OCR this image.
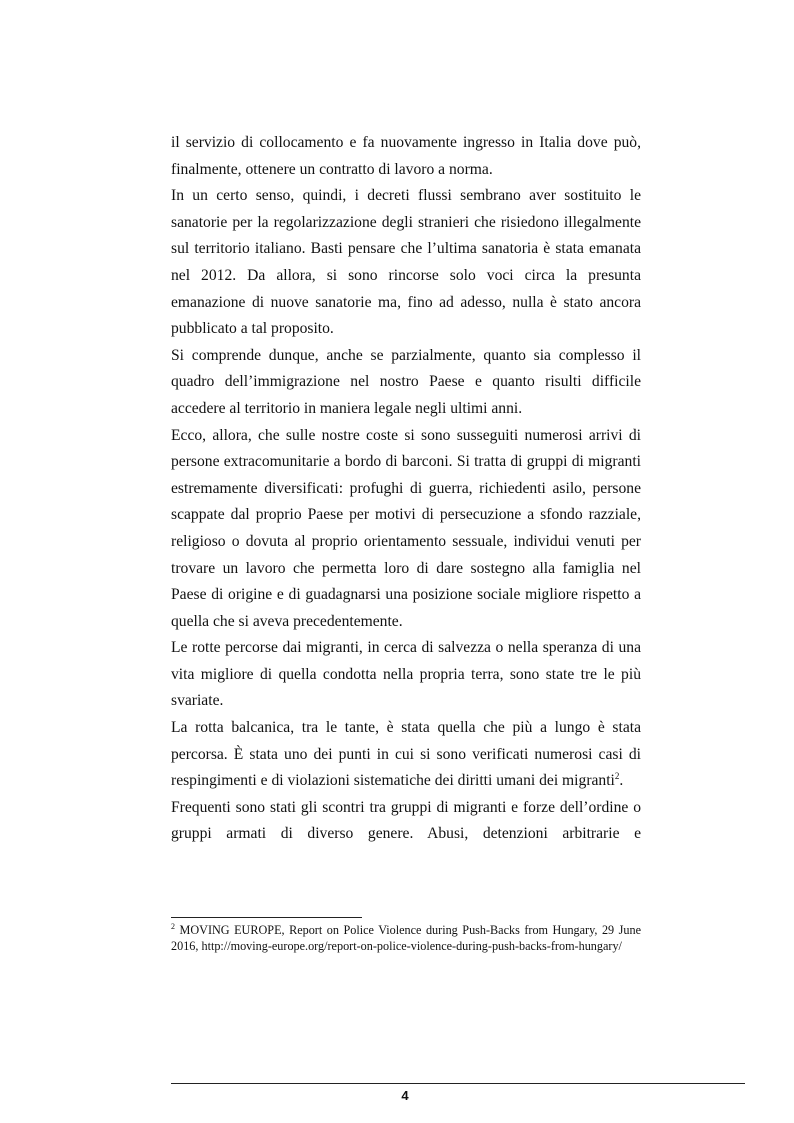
il servizio di collocamento e fa nuovamente ingresso in Italia dove può, finalmente, ottenere un contratto di lavoro a norma.

In un certo senso, quindi, i decreti flussi sembrano aver sostituito le sanatorie per la regolarizzazione degli stranieri che risiedono illegalmente sul territorio italiano. Basti pensare che l’ultima sanatoria è stata emanata nel 2012. Da allora, si sono rincorse solo voci circa la presunta emanazione di nuove sanatorie ma, fino ad adesso, nulla è stato ancora pubblicato a tal proposito.

Si comprende dunque, anche se parzialmente, quanto sia complesso il quadro dell’immigrazione nel nostro Paese e quanto risulti difficile accedere al territorio in maniera legale negli ultimi anni.

Ecco, allora, che sulle nostre coste si sono susseguiti numerosi arrivi di persone extracomunitarie a bordo di barconi. Si tratta di gruppi di migranti estremamente diversificati: profughi di guerra, richiedenti asilo, persone scappate dal proprio Paese per motivi di persecuzione a sfondo razziale, religioso o dovuta al proprio orientamento sessuale, individui venuti per trovare un lavoro che permetta loro di dare sostegno alla famiglia nel Paese di origine e di guadagnarsi una posizione sociale migliore rispetto a quella che si aveva precedentemente.

Le rotte percorse dai migranti, in cerca di salvezza o nella speranza di una vita migliore di quella condotta nella propria terra, sono state tre le più svariate.

La rotta balcanica, tra le tante, è stata quella che più a lungo è stata percorsa. È stata uno dei punti in cui si sono verificati numerosi casi di respingimenti e di violazioni sistematiche dei diritti umani dei migranti$^2$.

Frequenti sono stati gli scontri tra gruppi di migranti e forze dell’ordine o gruppi armati di diverso genere. Abusi, detenzioni arbitrarie e

$^2$ MOVING EUROPE, Report on Police Violence during Push-Backs from Hungary, 29 June 2016, http://moving-europe.org/report-on-police-violence-during-push-backs-from-hungary/
4
